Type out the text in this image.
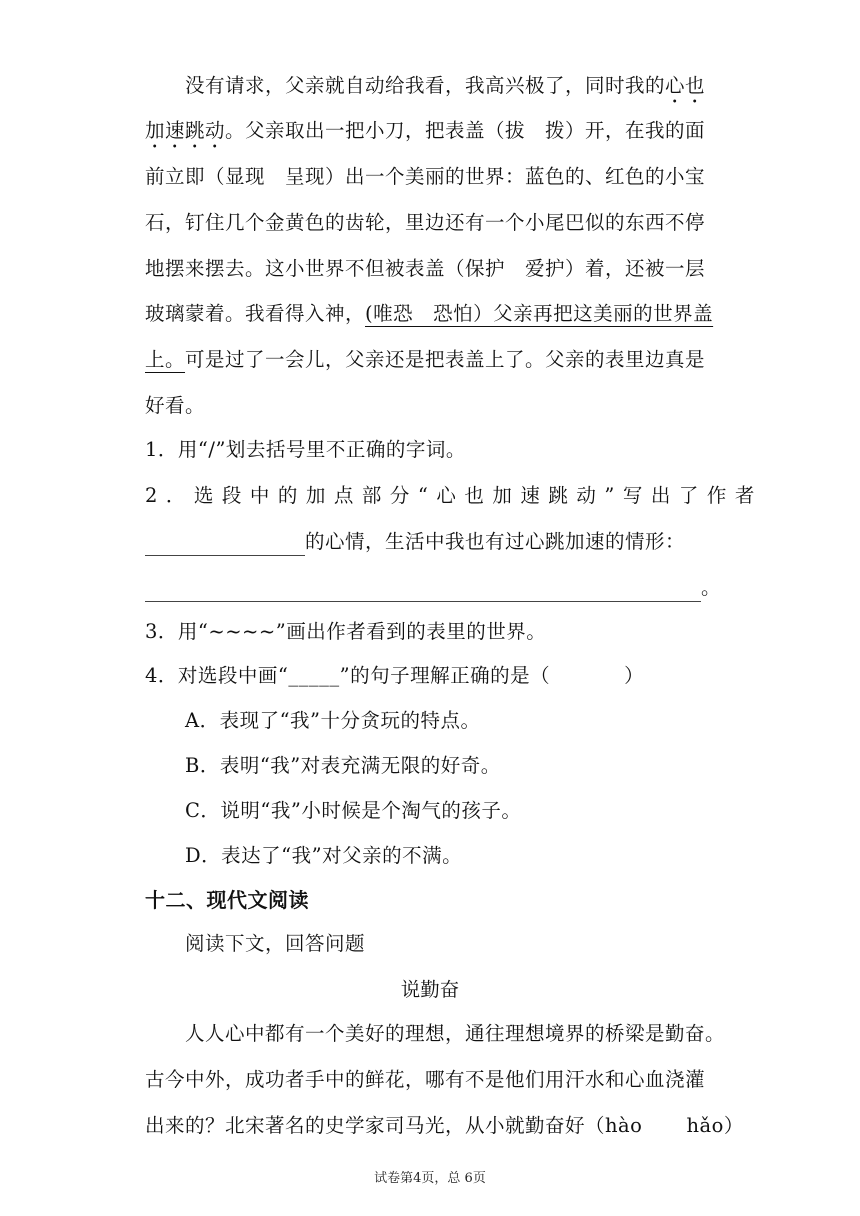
没有请求，父亲就自动给我看，我高兴极了，同时我的心也
加速跳动。父亲取出一把小刀，把表盖（拔　拨）开，在我的面
前立即（显现　呈现）出一个美丽的世界：蓝色的、红色的小宝
石，钉住几个金黄色的齿轮，里边还有一个小尾巴似的东西不停
地摆来摆去。这小世界不但被表盖（保护　爱护）着，还被一层
玻璃蒙着。我看得入神，(唯恐　恐怕）父亲再把这美丽的世界盖
上。可是过了一会儿，父亲还是把表盖上了。父亲的表里边真是
好看。
1．用“/”划去括号里不正确的字词。
2．选段中的加点部分“心也加速跳动”写出了作者
的心情，生活中我也有过心跳加速的情形：
。
3．用“~~~~”画出作者看到的表里的世界。
4．对选段中画“_____”的句子理解正确的是（	）
A．表现了“我”十分贪玩的特点。
B．表明“我”对表充满无限的好奇。
C．说明“我”小时候是个淘气的孩子。
D．表达了“我”对父亲的不满。
十二、现代文阅读
阅读下文，回答问题
说勤奋
人人心中都有一个美好的理想，通往理想境界的桥梁是勤奋。
古今中外，成功者手中的鲜花，哪有不是他们用汗水和心血浇灌
出来的？北宋著名的史学家司马光，从小就勤奋好（hào hǎo）
试卷第4页，总 6页
